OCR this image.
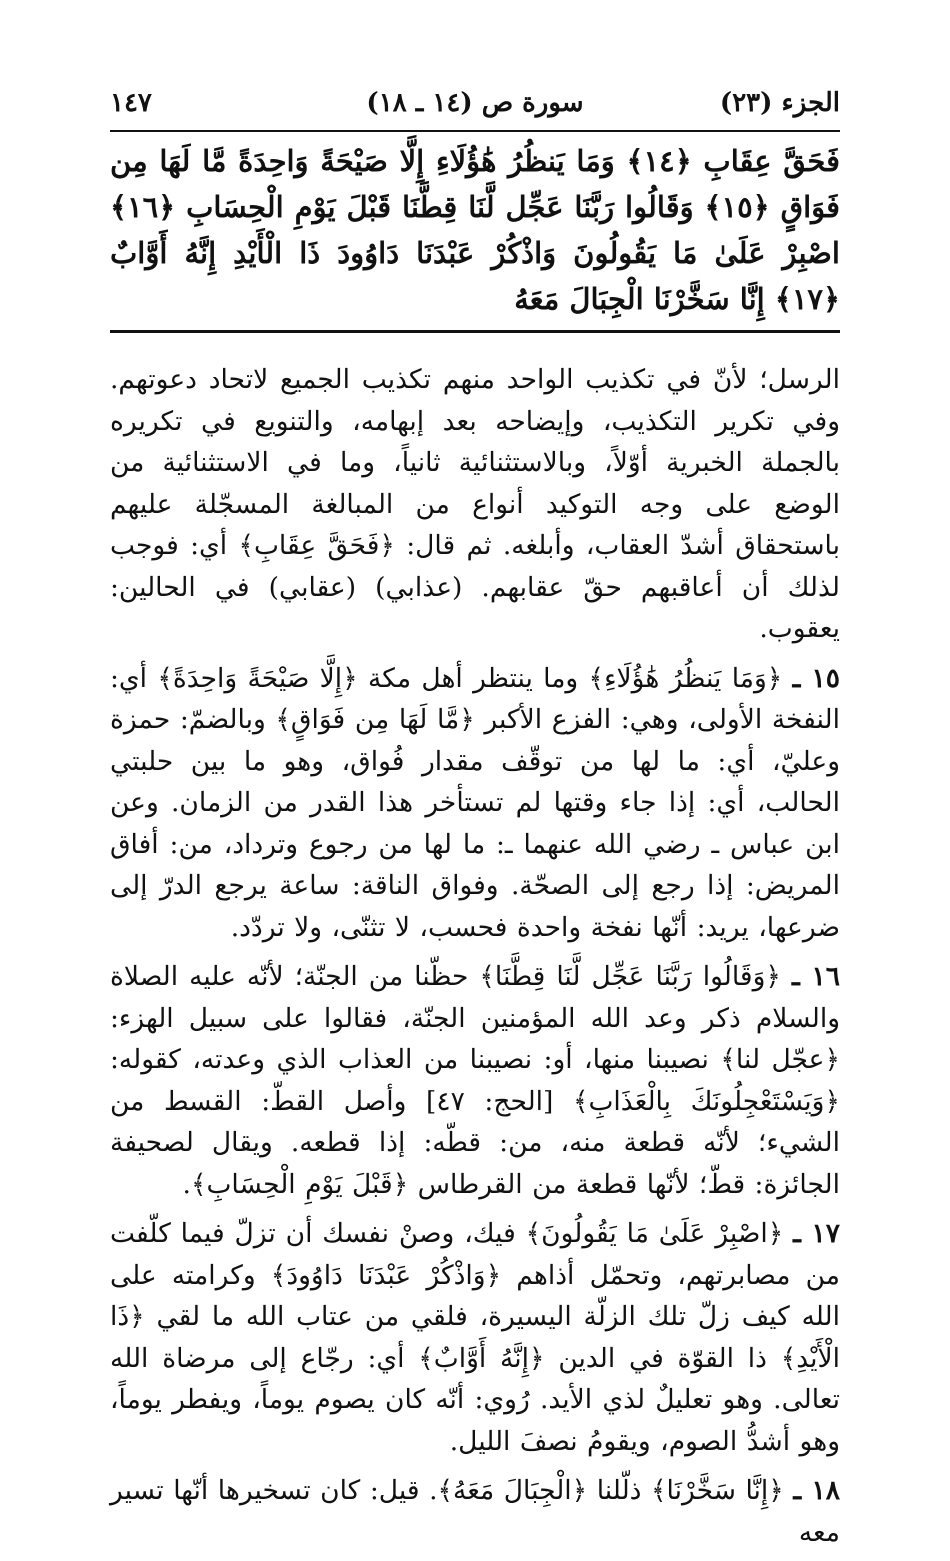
الجزء (٢٣)
سورة ص (١٤ ـ ١٨)
١٤٧
فَحَقَّ عِقَابِ ﴿١٤﴾ وَمَا يَنظُرُ هَٰؤُلَاءِ إِلَّا صَيْحَةً وَاحِدَةً مَّا لَهَا مِن فَوَاقٍ ﴿١٥﴾ وَقَالُوا رَبَّنَا عَجِّل لَّنَا قِطَّنَا قَبْلَ يَوْمِ الْحِسَابِ ﴿١٦﴾ اصْبِرْ عَلَىٰ مَا يَقُولُونَ وَاذْكُرْ عَبْدَنَا دَاوُودَ ذَا الْأَيْدِ إِنَّهُ أَوَّابٌ ﴿١٧﴾ إِنَّا سَخَّرْنَا الْجِبَالَ مَعَهُ

الرسل؛ لأنّ في تكذيب الواحد منهم تكذيب الجميع لاتحاد دعوتهم. وفي تكرير التكذيب، وإيضاحه بعد إبهامه، والتنويع في تكريره بالجملة الخبرية أوّلاً، وبالاستثنائية ثانياً، وما في الاستثنائية من الوضع على وجه التوكيد أنواع من المبالغة المسجّلة عليهم باستحقاق أشدّ العقاب، وأبلغه. ثم قال: ﴿فَحَقَّ عِقَابِ﴾ أي: فوجب لذلك أن أعاقبهم حقّ عقابهم. (عذابي) (عقابي) في الحالين: يعقوب.

١٥ ـ ﴿وَمَا يَنظُرُ هَٰؤُلَاءِ﴾ وما ينتظر أهل مكة ﴿إِلَّا صَيْحَةً وَاحِدَةً﴾ أي: النفخة الأولى، وهي: الفزع الأكبر ﴿مَّا لَهَا مِن فَوَاقٍ﴾ وبالضمّ: حمزة وعليّ، أي: ما لها من توقّف مقدار فُواق، وهو ما بين حلبتي الحالب، أي: إذا جاء وقتها لم تستأخر هذا القدر من الزمان. وعن ابن عباس ـ رضي الله عنهما ـ: ما لها من رجوع وترداد، من: أفاق المريض: إذا رجع إلى الصحّة. وفواق الناقة: ساعة يرجع الدرّ إلى ضرعها، يريد: أنّها نفخة واحدة فحسب، لا تثنّى، ولا تردّد.

١٦ ـ ﴿وَقَالُوا رَبَّنَا عَجِّل لَّنَا قِطَّنَا﴾ حظّنا من الجنّة؛ لأنّه عليه الصلاة والسلام ذكر وعد الله المؤمنين الجنّة، فقالوا على سبيل الهزء: ﴿عجّل لنا﴾ نصيبنا منها، أو: نصيبنا من العذاب الذي وعدته، كقوله: ﴿وَيَسْتَعْجِلُونَكَ بِالْعَذَابِ﴾ [الحج: ٤٧] وأصل القطّ: القسط من الشيء؛ لأنّه قطعة منه، من: قطّه: إذا قطعه. ويقال لصحيفة الجائزة: قطّ؛ لأنّها قطعة من القرطاس ﴿قَبْلَ يَوْمِ الْحِسَابِ﴾.

١٧ ـ ﴿اصْبِرْ عَلَىٰ مَا يَقُولُونَ﴾ فيك، وصنْ نفسك أن تزلّ فيما كلّفت من مصابرتهم، وتحمّل أذاهم ﴿وَاذْكُرْ عَبْدَنَا دَاوُودَ﴾ وكرامته على الله كيف زلّ تلك الزلّة اليسيرة، فلقي من عتاب الله ما لقي ﴿ذَا الْأَيْدِ﴾ ذا القوّة في الدين ﴿إِنَّهُ أَوَّابٌ﴾ أي: رجّاع إلى مرضاة الله تعالى. وهو تعليلٌ لذي الأيد. رُوي: أنّه كان يصوم يوماً، ويفطر يوماً، وهو أشدُّ الصوم، ويقومُ نصفَ الليل.

١٨ ـ ﴿إِنَّا سَخَّرْنَا﴾ ذلّلنا ﴿الْجِبَالَ مَعَهُ﴾. قيل: كان تسخيرها أنّها تسير معه
